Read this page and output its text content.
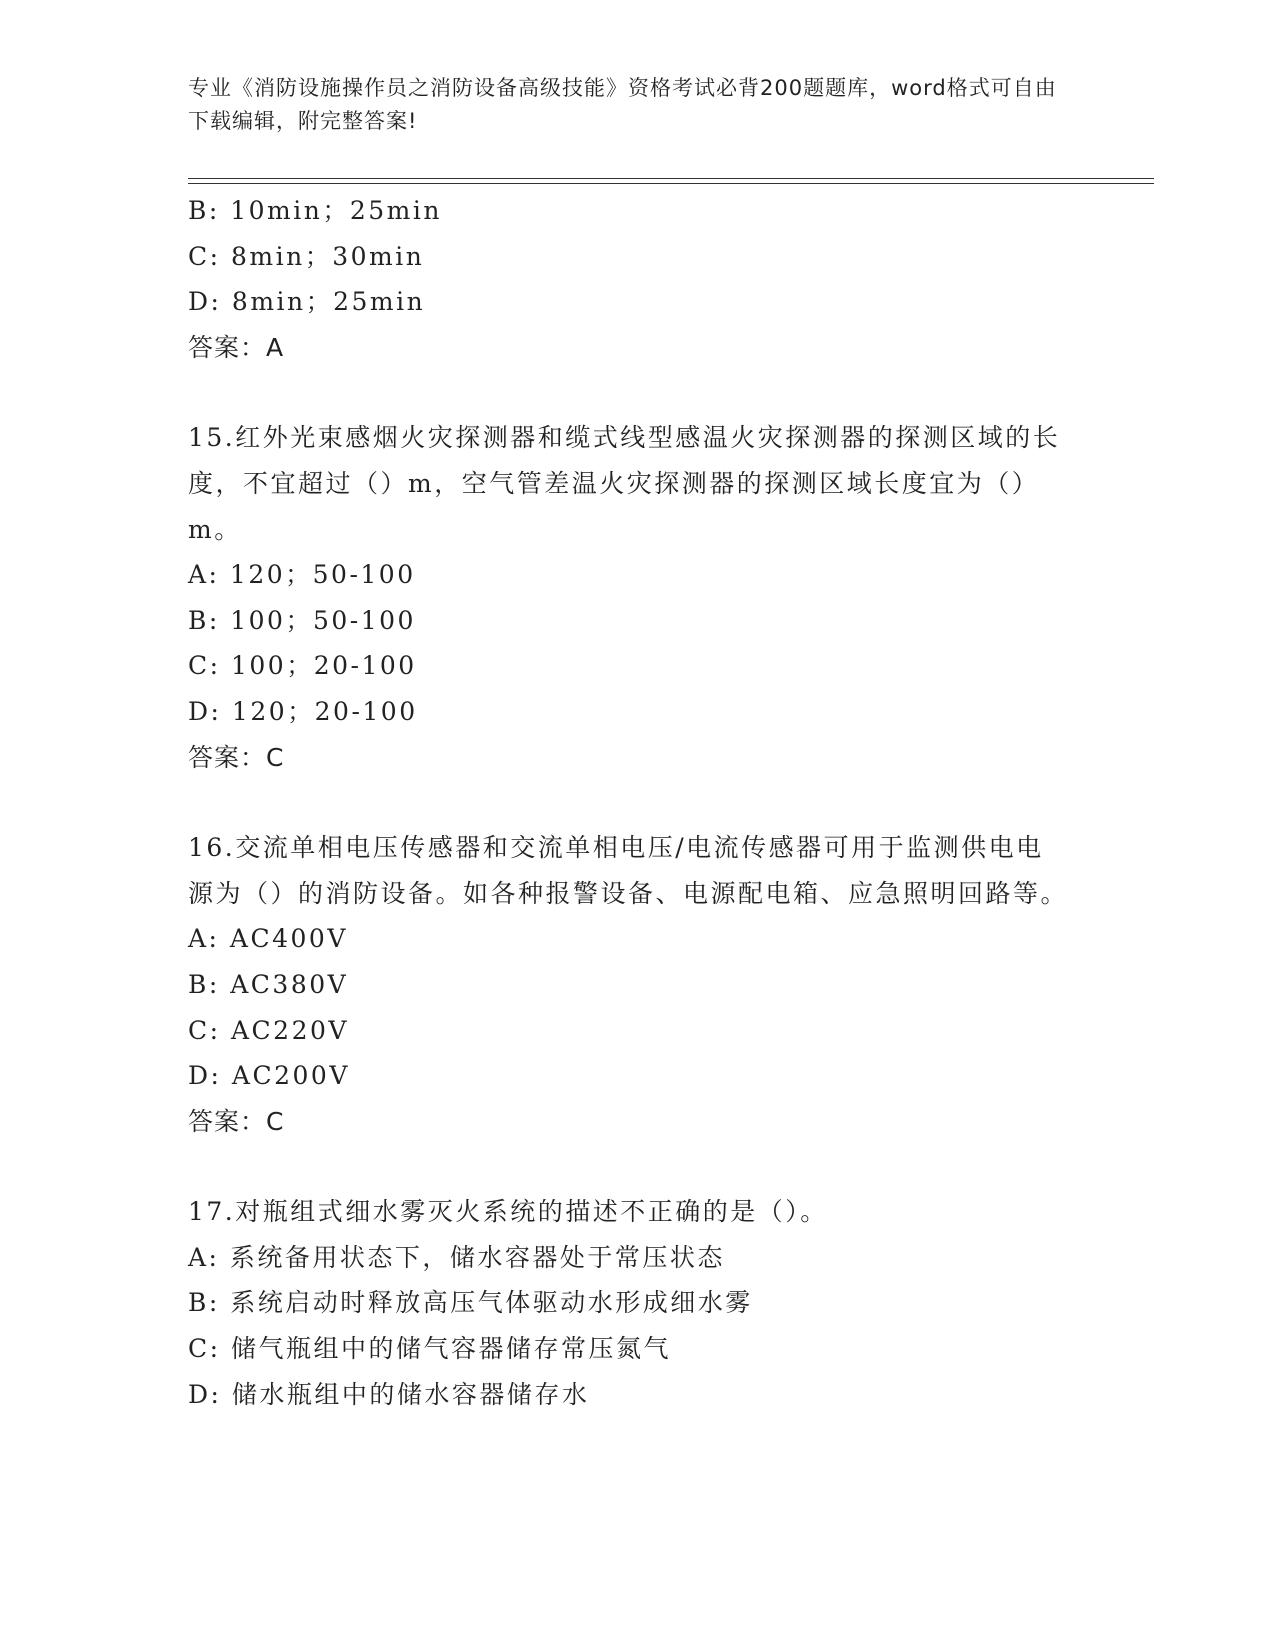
专业《消防设施操作员之消防设备高级技能》资格考试必背200题题库，word格式可自由下载编辑，附完整答案!
B: 10min；25min
C: 8min；30min
D: 8min；25min
答案：A
15.红外光束感烟火灾探测器和缆式线型感温火灾探测器的探测区域的长度，不宜超过（）m，空气管差温火灾探测器的探测区域长度宜为（）m。
A: 120；50-100
B: 100；50-100
C: 100；20-100
D: 120；20-100
答案：C
16.交流单相电压传感器和交流单相电压/电流传感器可用于监测供电电源为（）的消防设备。如各种报警设备、电源配电箱、应急照明回路等。
A: AC400V
B: AC380V
C: AC220V
D: AC200V
答案：C
17.对瓶组式细水雾灭火系统的描述不正确的是（）。
A: 系统备用状态下，储水容器处于常压状态
B: 系统启动时释放高压气体驱动水形成细水雾
C: 储气瓶组中的储气容器储存常压氮气
D: 储水瓶组中的储水容器储存水
